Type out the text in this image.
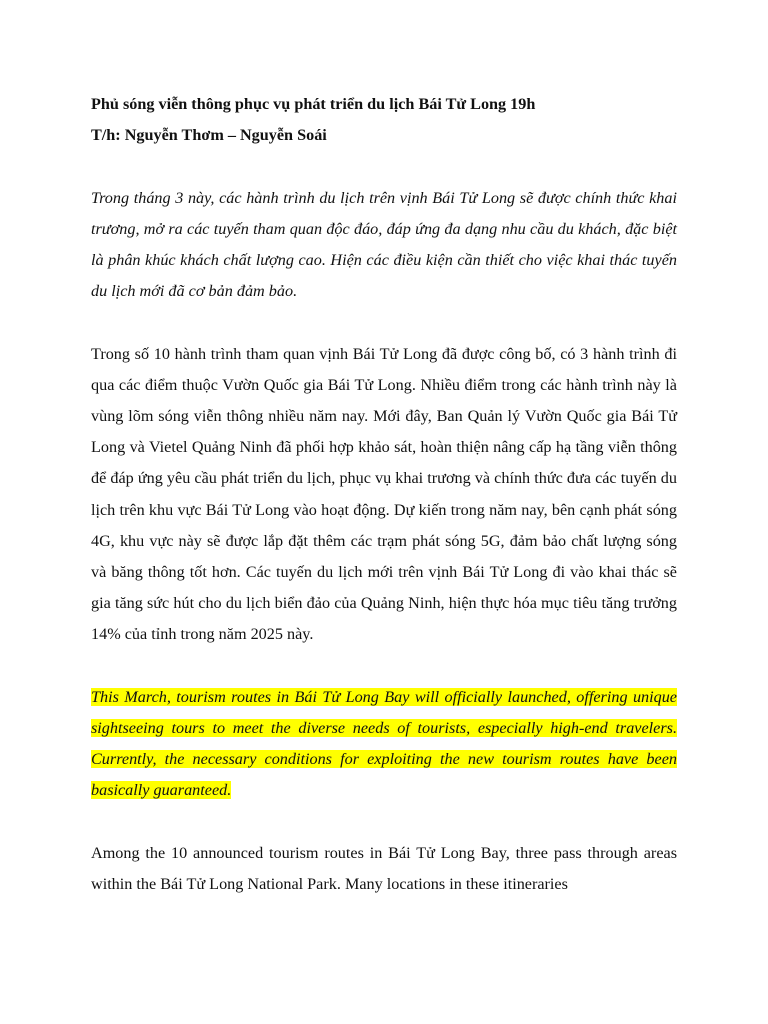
Phủ sóng viễn thông phục vụ phát triển du lịch Bái Tử Long 19h

T/h: Nguyễn Thơm – Nguyễn Soái

Trong tháng 3 này, các hành trình du lịch trên vịnh Bái Tử Long sẽ được chính thức khai trương, mở ra các tuyến tham quan độc đáo, đáp ứng đa dạng nhu cầu du khách, đặc biệt là phân khúc khách chất lượng cao. Hiện các điều kiện cần thiết cho việc khai thác tuyến du lịch mới đã cơ bản đảm bảo.

Trong số 10 hành trình tham quan vịnh Bái Tử Long đã được công bố, có 3 hành trình đi qua các điểm thuộc Vườn Quốc gia Bái Tử Long. Nhiều điểm trong các hành trình này là vùng lõm sóng viễn thông nhiều năm nay. Mới đây, Ban Quản lý Vườn Quốc gia Bái Tử Long và Vietel Quảng Ninh đã phối hợp khảo sát, hoàn thiện nâng cấp hạ tầng viễn thông để đáp ứng yêu cầu phát triển du lịch, phục vụ khai trương và chính thức đưa các tuyến du lịch trên khu vực Bái Tử Long vào hoạt động. Dự kiến trong năm nay, bên cạnh phát sóng 4G, khu vực này sẽ được lắp đặt thêm các trạm phát sóng 5G, đảm bảo chất lượng sóng và băng thông tốt hơn. Các tuyến du lịch mới trên vịnh Bái Tử Long đi vào khai thác sẽ gia tăng sức hút cho du lịch biển đảo của Quảng Ninh, hiện thực hóa mục tiêu tăng trưởng 14% của tỉnh trong năm 2025 này.

This March, tourism routes in Bái Tử Long Bay will officially launched, offering unique sightseeing tours to meet the diverse needs of tourists, especially high-end travelers. Currently, the necessary conditions for exploiting the new tourism routes have been basically guaranteed.

Among the 10 announced tourism routes in Bái Tử Long Bay, three pass through areas within the Bái Tử Long National Park. Many locations in these itineraries
